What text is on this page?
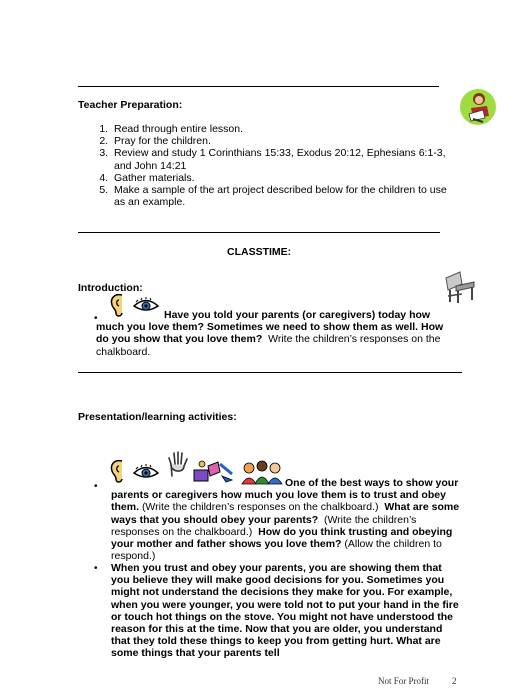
Teacher Preparation:
1. Read through entire lesson.
2. Pray for the children.
3. Review and study 1 Corinthians 15:33, Exodus 20:12, Ephesians 6:1-3, and John 14:21
4. Gather materials.
5. Make a sample of the art project described below for the children to use as an example.
CLASSTIME:
Introduction:
•	Have you told your parents (or caregivers) today how much you love them? Sometimes we need to show them as well. How do you show that you love them? Write the children’s responses on the chalkboard.
Presentation/learning activities:
•	One of the best ways to show your parents or caregivers how much you love them is to trust and obey them. (Write the children’s responses on the chalkboard.) What are some ways that you should obey your parents? (Write the children’s responses on the chalkboard.) How do you think trusting and obeying your mother and father shows you love them? (Allow the children to respond.)
• When you trust and obey your parents, you are showing them that you believe they will make good decisions for you. Sometimes you might not understand the decisions they make for you. For example, when you were younger, you were told not to put your hand in the fire or touch hot things on the stove. You might not have understood the reason for this at the time. Now that you are older, you understand that they told these things to keep you from getting hurt. What are some things that your parents tell
Not For Profit	2
